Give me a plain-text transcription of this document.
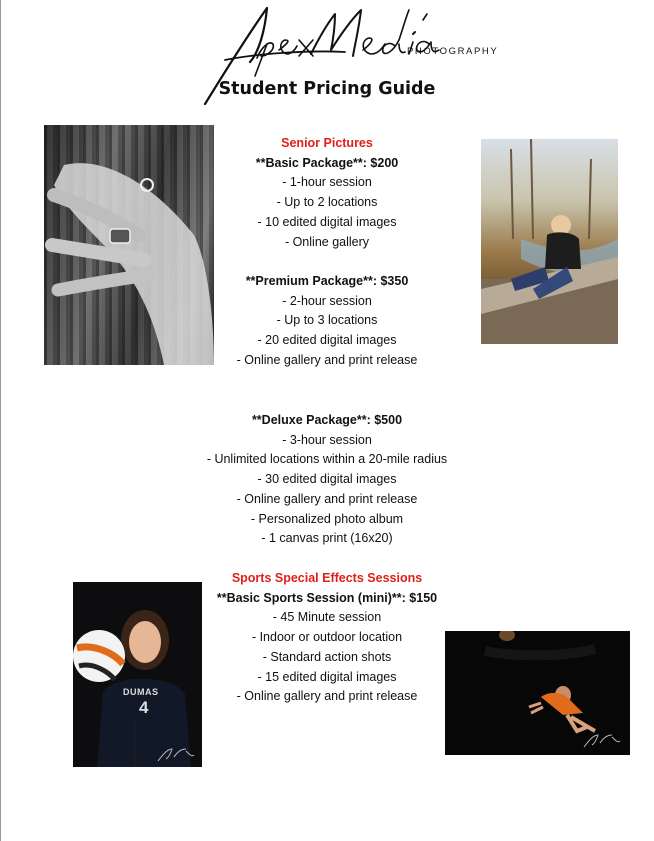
PHOTOGRAPHY
Student Pricing Guide
Senior Pictures
**Basic Package**: $200
- 1-hour session
- Up to 2 locations
- 10 edited digital images
- Online gallery
**Premium Package**: $350
- 2-hour session
- Up to 3 locations
- 20 edited digital images
- Online gallery and print release
**Deluxe Package**: $500
- 3-hour session
- Unlimited locations within a 20-mile radius
- 30 edited digital images
- Online gallery and print release
- Personalized photo album
- 1 canvas print (16x20)
Sports Special Effects Sessions
**Basic Sports Session (mini)**: $150
- 45 Minute session
- Indoor or outdoor location
- Standard action shots
- 15 edited digital images
- Online gallery and print release
DUMAS
4
